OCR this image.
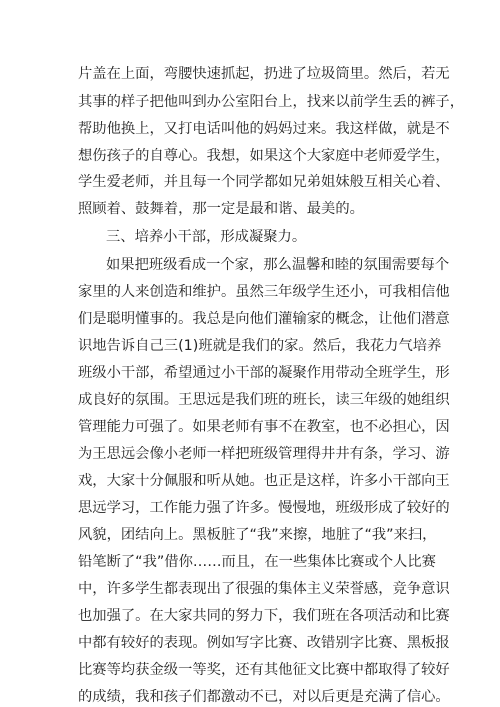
片盖在上面，弯腰快速抓起，扔进了垃圾筒里。然后，若无
其事的样子把他叫到办公室阳台上，找来以前学生丢的裤子，
帮助他换上，又打电话叫他的妈妈过来。我这样做，就是不
想伤孩子的自尊心。我想，如果这个大家庭中老师爱学生，
学生爱老师，并且每一个同学都如兄弟姐妹般互相关心着、
照顾着、鼓舞着，那一定是最和谐、最美的。
三、培养小干部，形成凝聚力。
如果把班级看成一个家，那么温馨和睦的氛围需要每个
家里的人来创造和维护。虽然三年级学生还小，可我相信他
们是聪明懂事的。我总是向他们灌输家的概念，让他们潜意
识地告诉自己三(1)班就是我们的家。然后，我花力气培养
班级小干部，希望通过小干部的凝聚作用带动全班学生，形
成良好的氛围。王思远是我们班的班长，读三年级的她组织
管理能力可强了。如果老师有事不在教室，也不必担心，因
为王思远会像小老师一样把班级管理得井井有条，学习、游
戏，大家十分佩服和听从她。也正是这样，许多小干部向王
思远学习，工作能力强了许多。慢慢地，班级形成了较好的
风貌，团结向上。黑板脏了“我”来擦，地脏了“我”来扫，
铅笔断了“我”借你……而且，在一些集体比赛或个人比赛
中，许多学生都表现出了很强的集体主义荣誉感，竞争意识
也加强了。在大家共同的努力下，我们班在各项活动和比赛
中都有较好的表现。例如写字比赛、改错别字比赛、黑板报
比赛等均获金级一等奖，还有其他征文比赛中都取得了较好
的成绩，我和孩子们都激动不已，对以后更是充满了信心。
